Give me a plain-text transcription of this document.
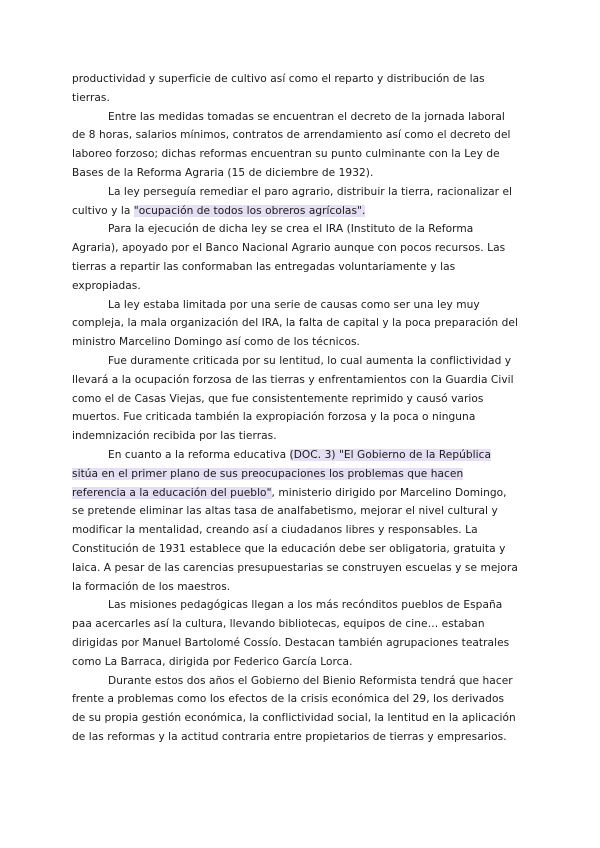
productividad y superficie de cultivo así como el reparto y distribución de las tierras.

Entre las medidas tomadas se encuentran el decreto de la jornada laboral de 8 horas, salarios mínimos, contratos de arrendamiento así como el decreto del laboreo forzoso; dichas reformas encuentran su punto culminante con la Ley de Bases de la Reforma Agraria (15 de diciembre de 1932).

La ley perseguía remediar el paro agrario, distribuir la tierra, racionalizar el cultivo y la "ocupación de todos los obreros agrícolas".

Para la ejecución de dicha ley se crea el IRA (Instituto de la Reforma Agraria), apoyado por el Banco Nacional Agrario aunque con pocos recursos. Las tierras a repartir las conformaban las entregadas voluntariamente y las expropiadas.

La ley estaba limitada por una serie de causas como ser una ley muy compleja, la mala organización del IRA, la falta de capital y la poca preparación del ministro Marcelino Domingo así como de los técnicos.

Fue duramente criticada por su lentitud, lo cual aumenta la conflictividad y llevará a la ocupación forzosa de las tierras y enfrentamientos con la Guardia Civil como el de Casas Viejas, que fue consistentemente reprimido y causó varios muertos. Fue criticada también la expropiación forzosa y la poca o ninguna indemnización recibida por las tierras.

En cuanto a la reforma educativa (DOC. 3) "El Gobierno de la República sitúa en el primer plano de sus preocupaciones los problemas que hacen referencia a la educación del pueblo", ministerio dirigido por Marcelino Domingo, se pretende eliminar las altas tasa de analfabetismo, mejorar el nivel cultural y modificar la mentalidad, creando así a ciudadanos libres y responsables. La Constitución de 1931 establece que la educación debe ser obligatoria, gratuita y laica. A pesar de las carencias presupuestarias se construyen escuelas y se mejora la formación de los maestros.

Las misiones pedagógicas llegan a los más recónditos pueblos de España paa acercarles así la cultura, llevando bibliotecas, equipos de cine… estaban dirigidas por Manuel Bartolomé Cossío. Destacan también agrupaciones teatrales como La Barraca, dirigida por Federico García Lorca.

Durante estos dos años el Gobierno del Bienio Reformista tendrá que hacer frente a problemas como los efectos de la crisis económica del 29, los derivados de su propia gestión económica, la conflictividad social, la lentitud en la aplicación de las reformas y la actitud contraria entre propietarios de tierras y empresarios.
